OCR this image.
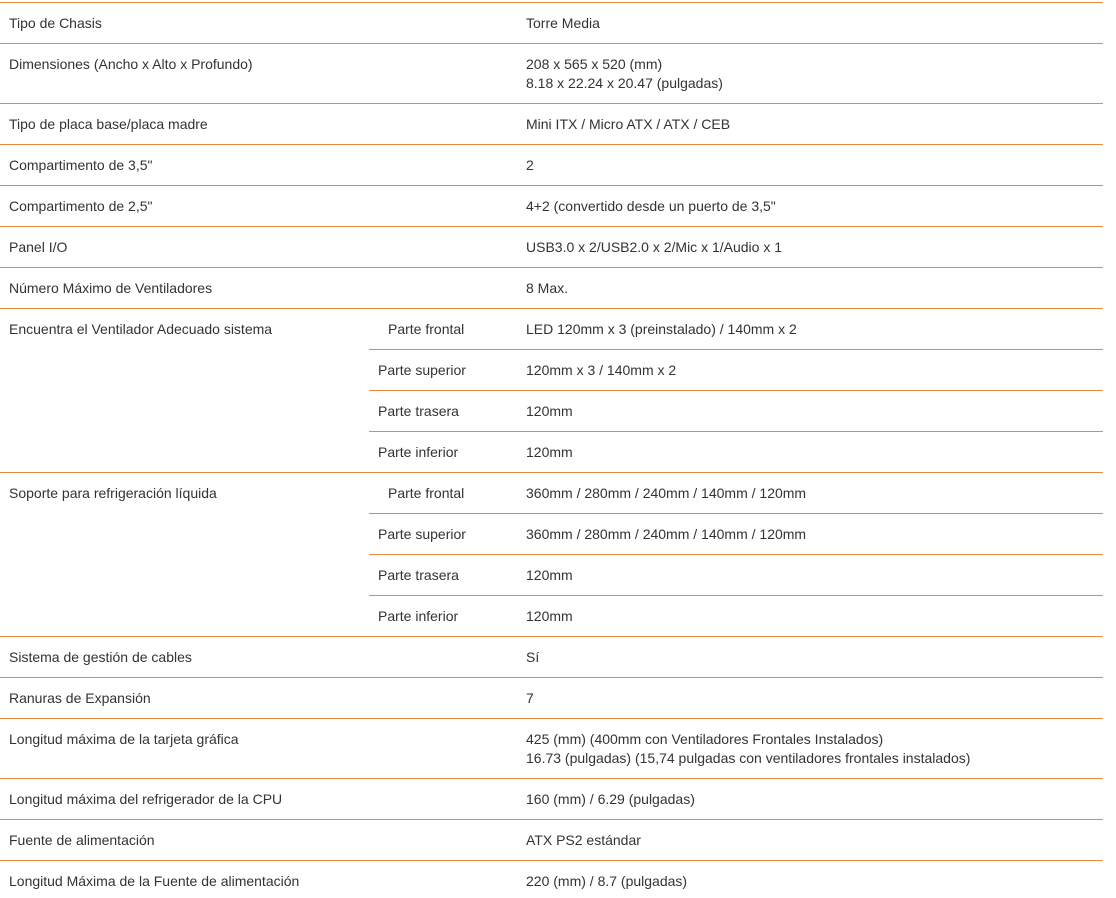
Tipo de Chasis		Torre Media
Dimensiones (Ancho x Alto x Profundo)		208 x 565 x 520 (mm)
8.18 x 22.24 x 20.47 (pulgadas)

Tipo de placa base/placa madre		Mini ITX / Micro ATX / ATX / CEB
Compartimento de 3,5"		2
Compartimento de 2,5"		4+2 (convertido desde un puerto de 3,5"
Panel I/O		USB3.0 x 2/USB2.0 x 2/Mic x 1/Audio x 1
Número Máximo de Ventiladores		8 Max.
Encuentra el Ventilador Adecuado sistema	Parte frontal	LED 120mm x 3 (preinstalado) / 140mm x 2
	Parte superior	120mm x 3 / 140mm x 2
	Parte trasera	120mm
	Parte inferior	120mm
Soporte para refrigeración líquida	Parte frontal	360mm / 280mm / 240mm / 140mm / 120mm
	Parte superior	360mm / 280mm / 240mm / 140mm / 120mm
	Parte trasera	120mm
	Parte inferior	120mm
Sistema de gestión de cables		Sí
Ranuras de Expansión		7
Longitud máxima de la tarjeta gráfica		425 (mm) (400mm con Ventiladores Frontales Instalados)
16.73 (pulgadas) (15,74 pulgadas con ventiladores frontales instalados)

Longitud máxima del refrigerador de la CPU		160 (mm) / 6.29 (pulgadas)
Fuente de alimentación		ATX PS2 estándar
Longitud Máxima de la Fuente de alimentación		220 (mm) / 8.7 (pulgadas)
